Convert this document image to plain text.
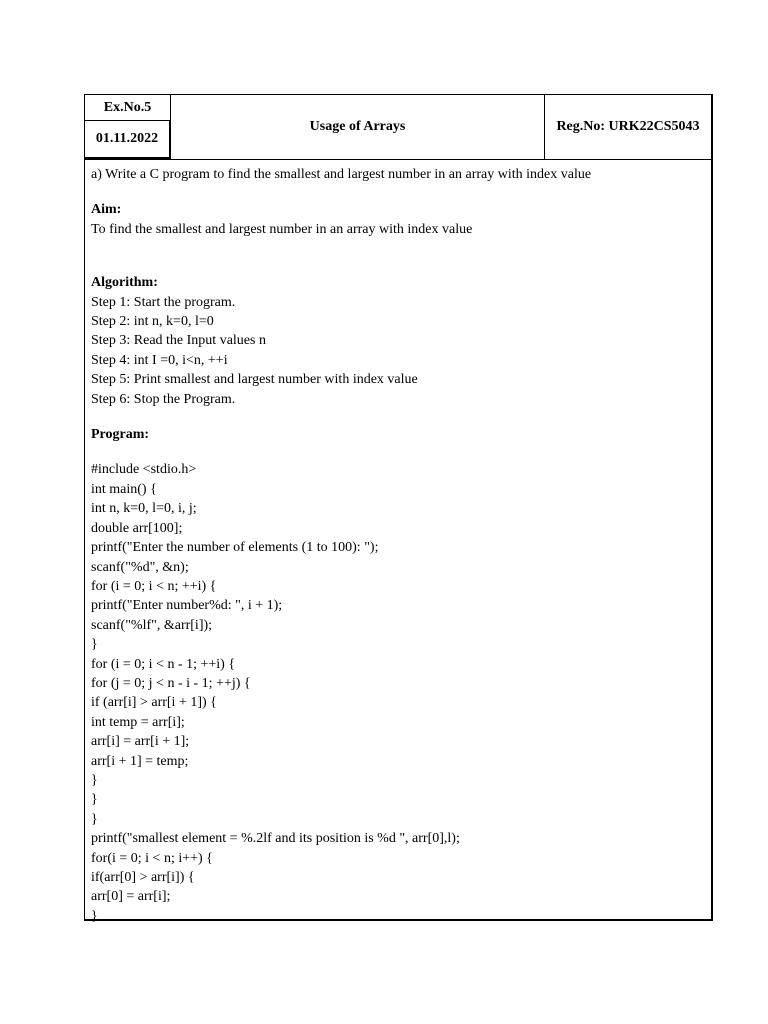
Ex.No.5
01.11.2022
Usage of Arrays	Reg.No: URK22CS5043
a) Write a C program to find the smallest and largest number in an array with index value
Aim:
To find the smallest and largest number in an array with index value
Algorithm:
Step 1: Start the program.
Step 2: int n, k=0, l=0
Step 3: Read the Input values n
Step 4: int I =0, i<n, ++i
Step 5: Print smallest and largest number with index value
Step 6: Stop the Program.
Program:
#include <stdio.h>
int main() {
int n, k=0, l=0, i, j;
double arr[100];
printf("Enter the number of elements (1 to 100): ");
scanf("%d", &n);
for (i = 0; i < n; ++i) {
printf("Enter number%d: ", i + 1);
scanf("%lf", &arr[i]);
}
for (i = 0; i < n - 1; ++i) {
for (j = 0; j < n - i - 1; ++j) {
if (arr[i] > arr[i + 1]) {
int temp = arr[i];
arr[i] = arr[i + 1];
arr[i + 1] = temp;
}
}
}
printf("smallest element = %.2lf and its position is %d ", arr[0],l);
for(i = 0; i < n; i++) {
if(arr[0] > arr[i]) {
arr[0] = arr[i];
}
